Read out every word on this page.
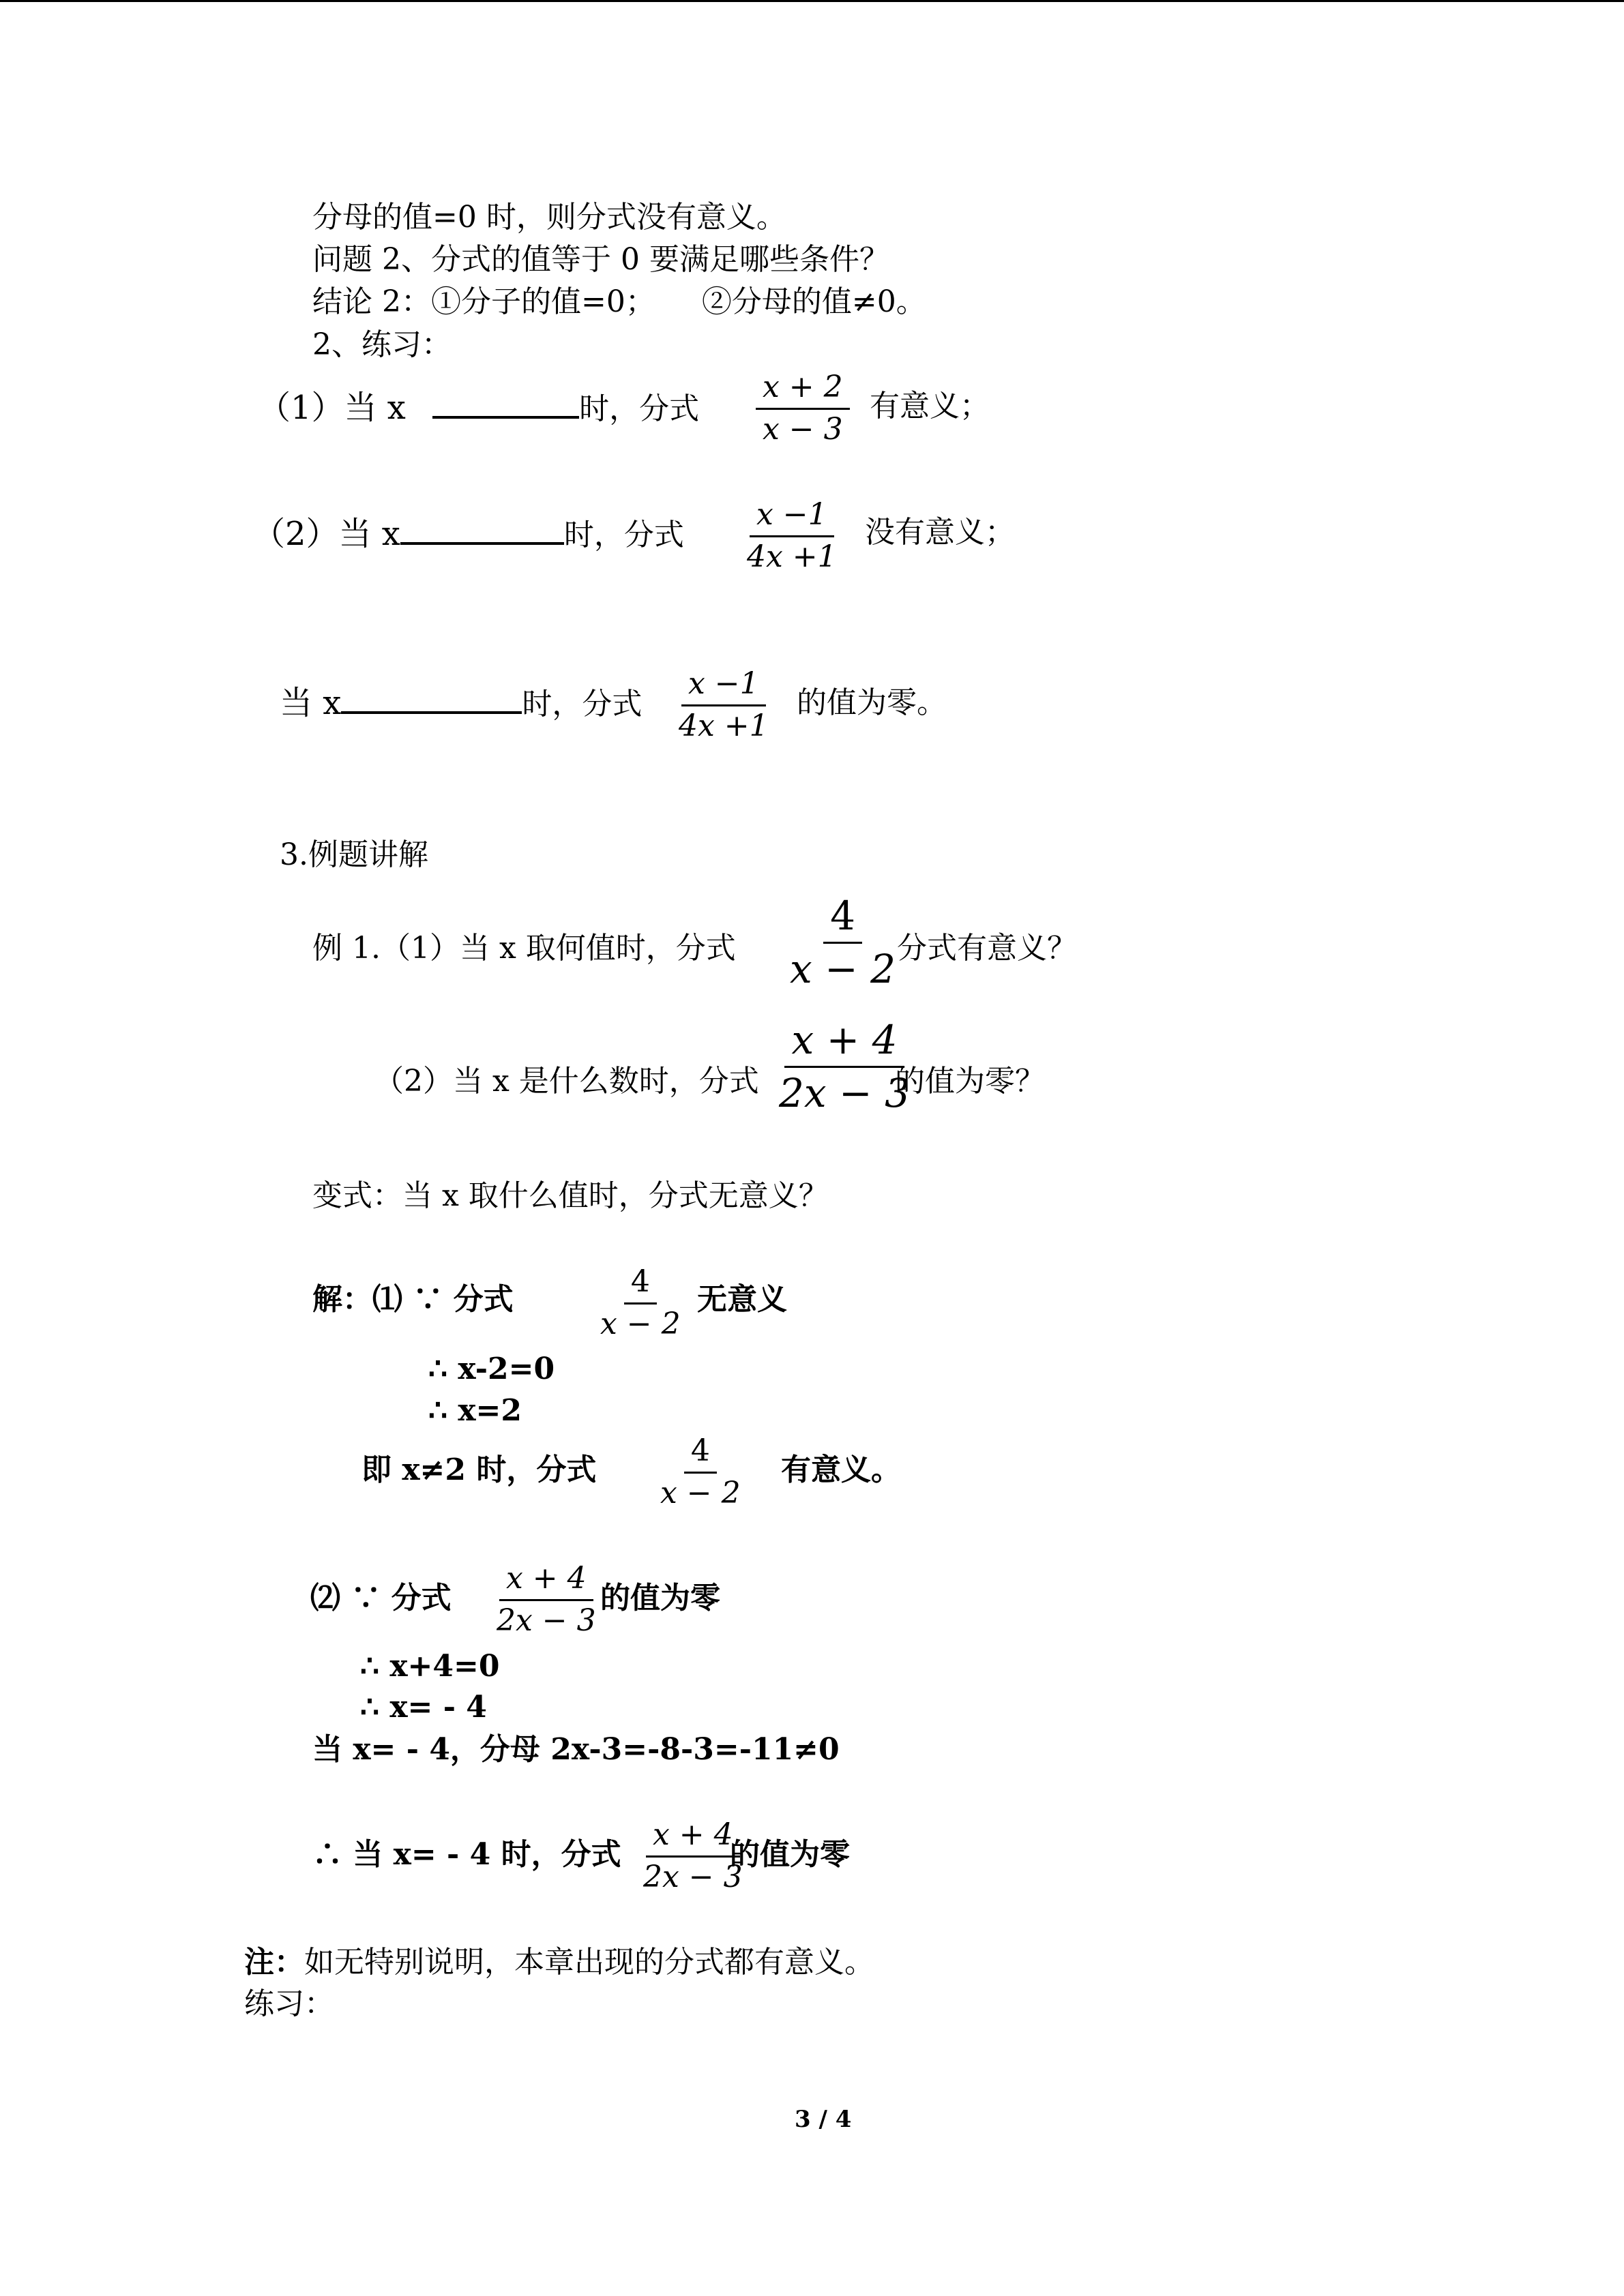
分母的值=0 时，则分式没有意义。
问题 2、分式的值等于 0 要满足哪些条件？
结论 2：①分子的值=0； ②分母的值≠0。
2、练习：
（1）当 x	时，分式 $\frac{x + 2}{x - 3}$ 有意义；
（2）当 x	时，分式 $\frac{x -1}{4x +1}$ 没有意义；
当 x	时，分式 $\frac{x -1}{4x +1}$ 的值为零。
3.例题讲解
例 1.（1）当 x 取何值时，分式 $\frac{4}{x - 2}$
分式有意义？
（2）当 x 是什么数时，分式 $\frac{x + 4}{2x - 3}$
的值为零？
变式：当 x 取什么值时，分式无意义？
解：⑴ ∵ 分式	$\frac{4}{x - 2}$ 无意义
∴ x-2=0
∴ x=2
即 x≠2 时，分式 $\frac{4}{x - 2}$ 有意义。
⑵ ∵ 分式 $\frac{x + 4}{2x - 3}$
的值为零
∴ x+4=0
∴ x= - 4
当 x= - 4，分母 2x-3=-8-3=-11≠0
∴ 当 x= - 4 时，分式 $\frac{x + 4}{2x - 3}$
的值为零
注：如无特别说明，本章出现的分式都有意义。
练习：
3 / 4
